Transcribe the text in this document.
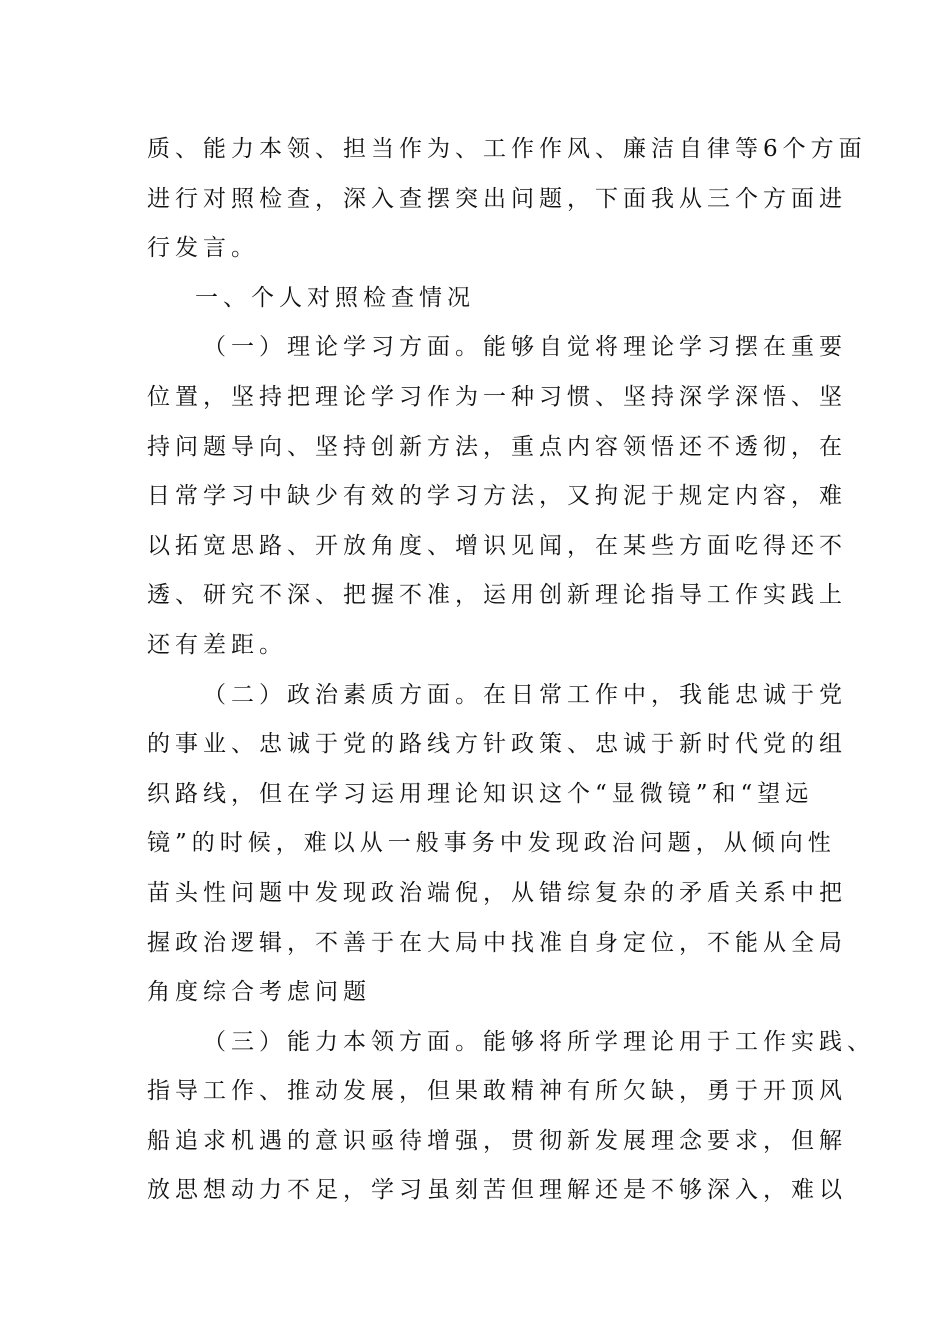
质、能力本领、担当作为、工作作风、廉洁自律等6个方面
进行对照检查，深入查摆突出问题，下面我从三个方面进
行发言。
一、个人对照检查情况
（一）理论学习方面。能够自觉将理论学习摆在重要
位置，坚持把理论学习作为一种习惯、坚持深学深悟、坚
持问题导向、坚持创新方法，重点内容领悟还不透彻，在
日常学习中缺少有效的学习方法，又拘泥于规定内容，难
以拓宽思路、开放角度、增识见闻，在某些方面吃得还不
透、研究不深、把握不准，运用创新理论指导工作实践上
还有差距。
（二）政治素质方面。在日常工作中，我能忠诚于党
的事业、忠诚于党的路线方针政策、忠诚于新时代党的组
织路线，但在学习运用理论知识这个“显微镜”和“望远
镜”的时候，难以从一般事务中发现政治问题，从倾向性
苗头性问题中发现政治端倪，从错综复杂的矛盾关系中把
握政治逻辑，不善于在大局中找准自身定位，不能从全局
角度综合考虑问题
（三）能力本领方面。能够将所学理论用于工作实践、
指导工作、推动发展，但果敢精神有所欠缺，勇于开顶风
船追求机遇的意识亟待增强，贯彻新发展理念要求，但解
放思想动力不足，学习虽刻苦但理解还是不够深入，难以
